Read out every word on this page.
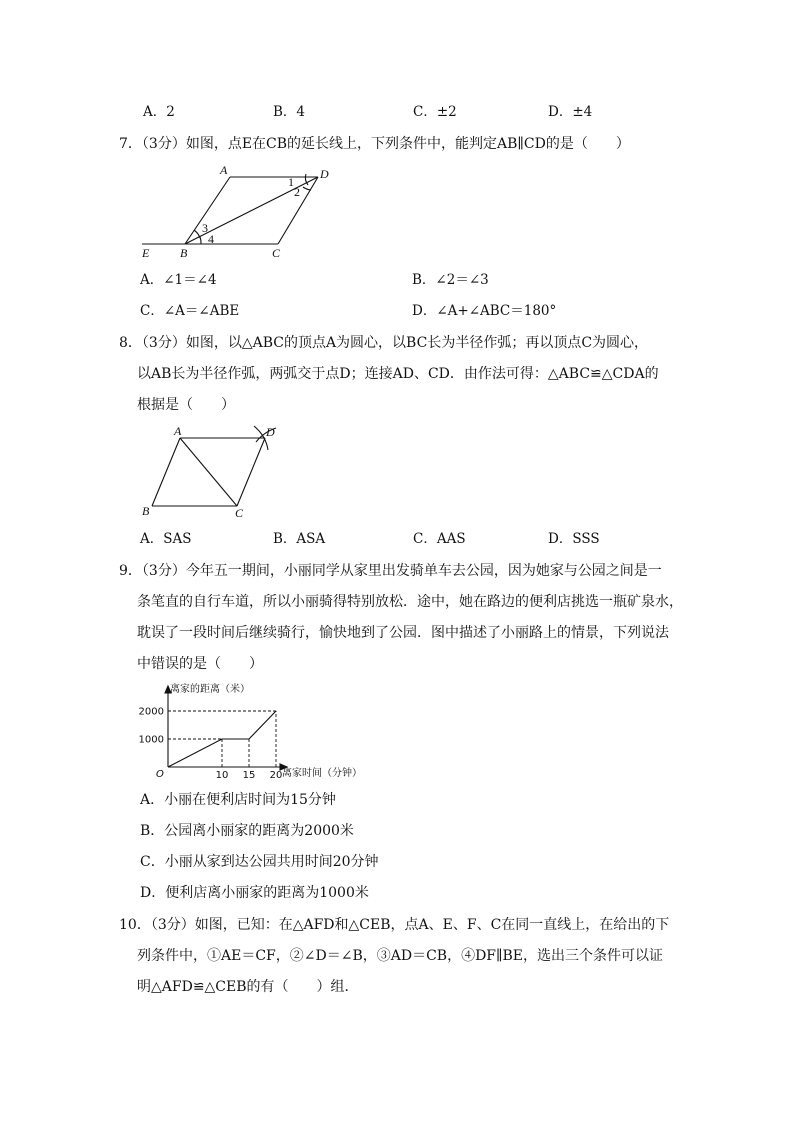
A．2	B．4	C．±2	D．±4
7．（3分）如图，点E在CB的延长线上，下列条件中，能判定AB∥CD的是（　　）
A	D
E	B	C
1
2
3
4
A．∠1＝∠4	B．∠2＝∠3
C．∠A＝∠ABE	D．∠A+∠ABC＝180°
8．（3分）如图，以△ABC的顶点A为圆心，以BC长为半径作弧；再以顶点C为圆心，
以AB长为半径作弧，两弧交于点D；连接AD、CD．由作法可得：△ABC≌△CDA的
根据是（　　）
A	D
B	C
A．SAS	B．ASA	C．AAS	D．SSS
9．（3分）今年五一期间，小丽同学从家里出发骑单车去公园，因为她家与公园之间是一
条笔直的自行车道，所以小丽骑得特别放松．途中，她在路边的便利店挑选一瓶矿泉水，
耽误了一段时间后继续骑行，愉快地到了公园．图中描述了小丽路上的情景，下列说法
中错误的是（　　）
离家的距离（米）
离家时间（分钟）
O
1000
2000
10 15 20
A．小丽在便利店时间为15分钟
B．公园离小丽家的距离为2000米
C．小丽从家到达公园共用时间20分钟
D．便利店离小丽家的距离为1000米
10．（3分）如图，已知：在△AFD和△CEB，点A、E、F、C在同一直线上，在给出的下
列条件中，①AE＝CF，②∠D＝∠B，③AD＝CB，④DF∥BE，选出三个条件可以证
明△AFD≌△CEB的有（　　）组．
